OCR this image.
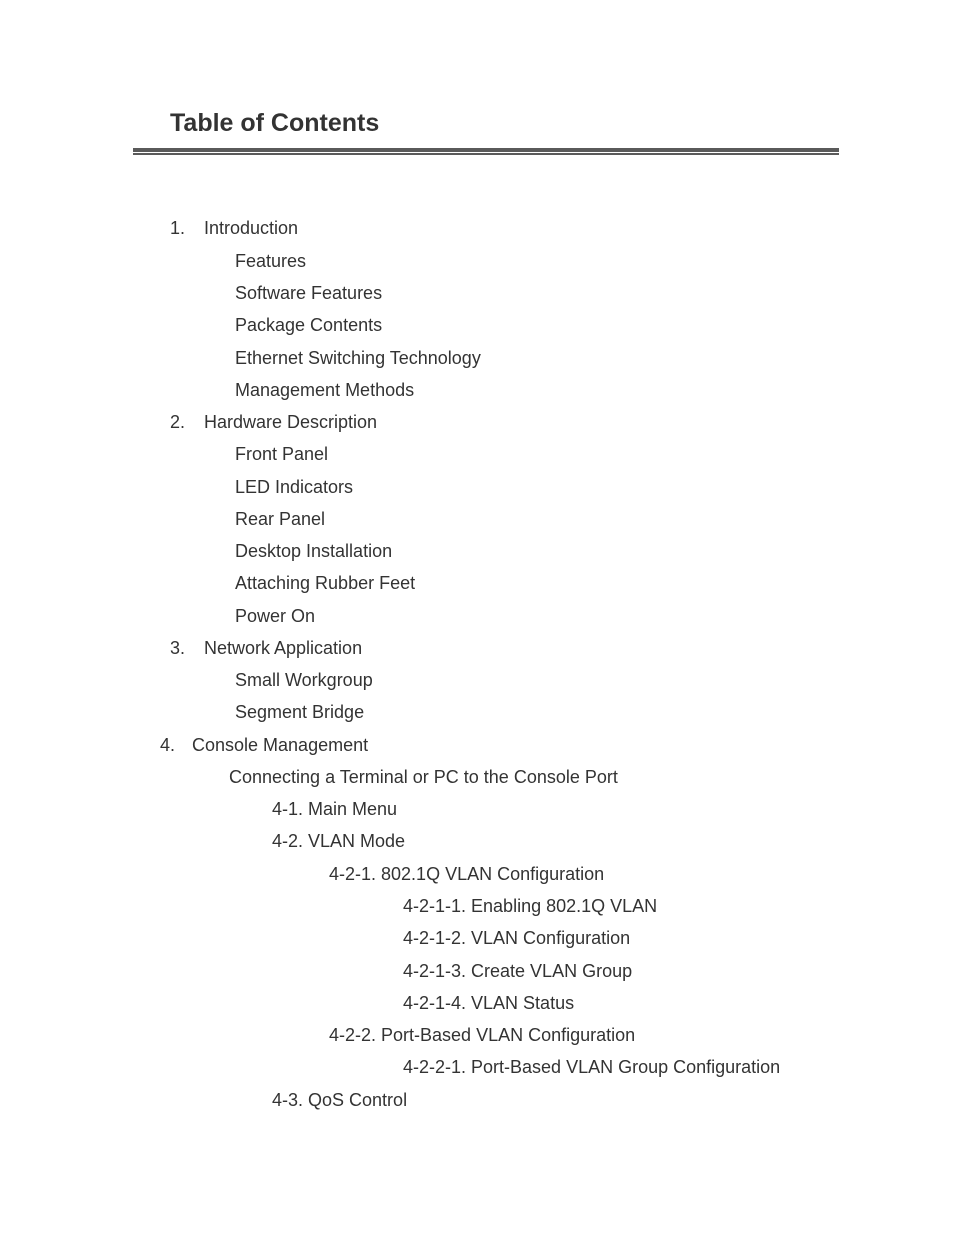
Table of Contents
1. Introduction
Features
Software Features
Package Contents
Ethernet Switching Technology
Management Methods
2. Hardware Description
Front Panel
LED Indicators
Rear Panel
Desktop Installation
Attaching Rubber Feet
Power On
3. Network Application
Small Workgroup
Segment Bridge
4. Console Management
Connecting a Terminal or PC to the Console Port
4-1. Main Menu
4-2. VLAN Mode
4-2-1. 802.1Q VLAN Configuration
4-2-1-1. Enabling 802.1Q VLAN
4-2-1-2. VLAN Configuration
4-2-1-3. Create VLAN Group
4-2-1-4. VLAN Status
4-2-2. Port-Based VLAN Configuration
4-2-2-1. Port-Based VLAN Group Configuration
4-3. QoS Control
